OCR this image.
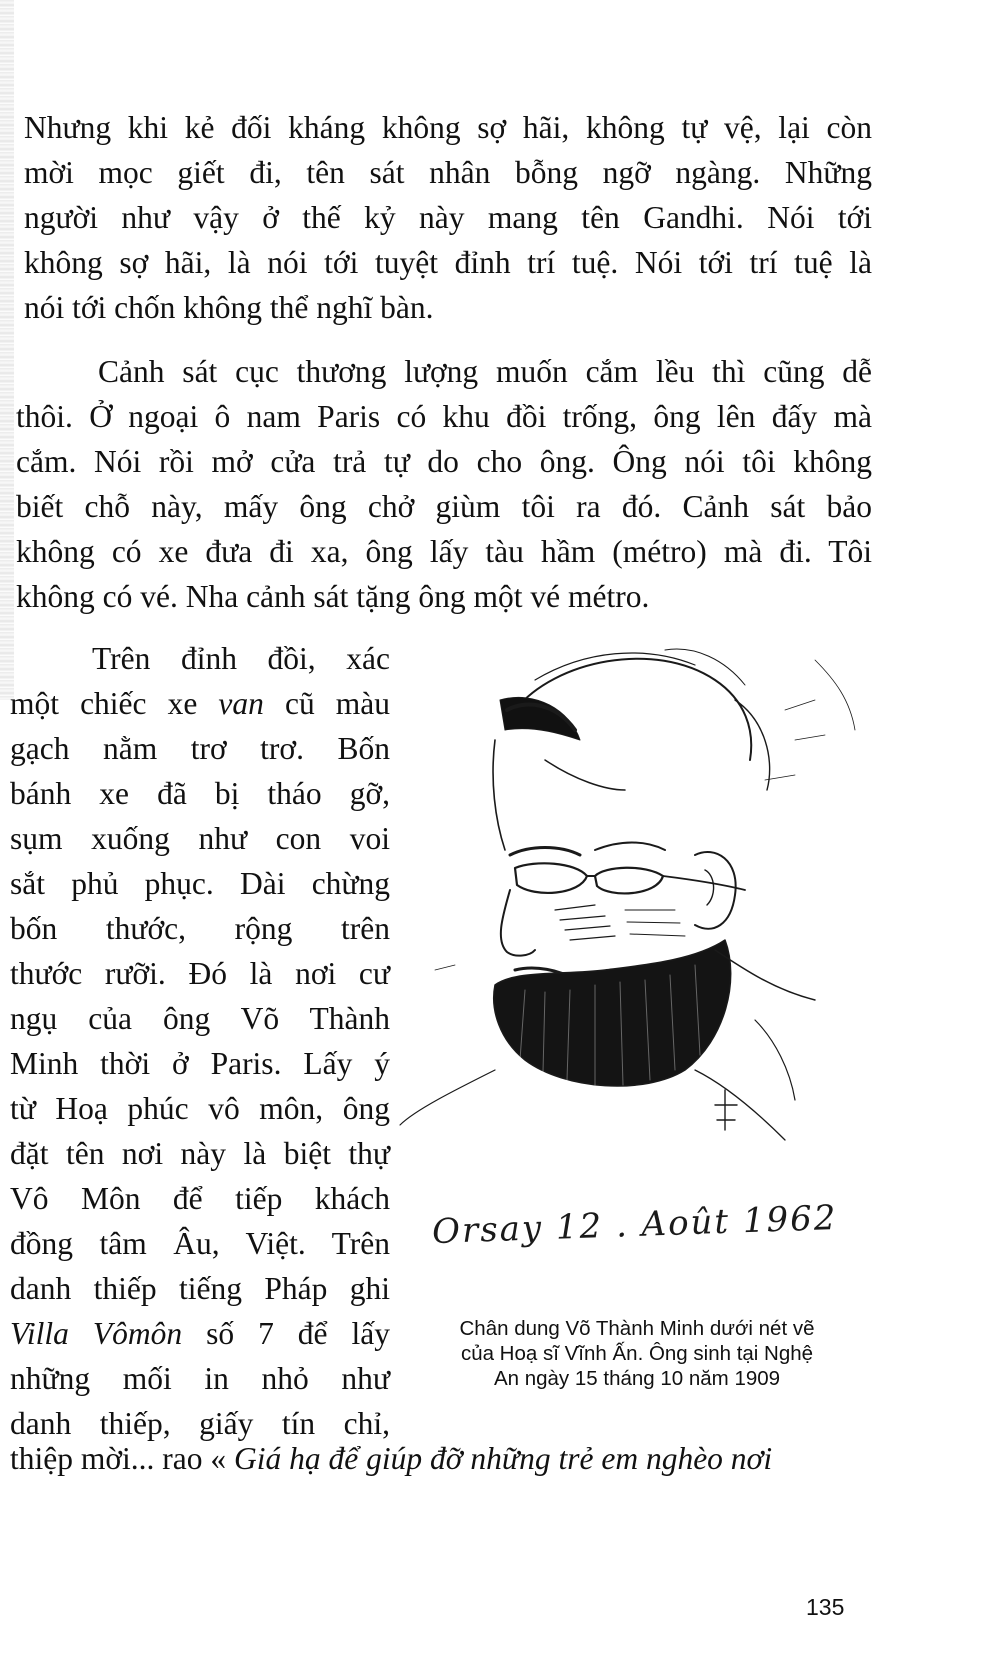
Nhưng khi kẻ đối kháng không sợ hãi, không tự vệ, lại còn
mời mọc giết đi, tên sát nhân bỗng ngỡ ngàng. Những
người như vậy ở thế kỷ này mang tên Gandhi. Nói tới
không sợ hãi, là nói tới tuyệt đỉnh trí tuệ. Nói tới trí tuệ là
nói tới chốn không thể nghĩ bàn.
Cảnh sát cục thương lượng muốn cắm lều thì cũng dễ
thôi. Ở ngoại ô nam Paris có khu đồi trống, ông lên đấy mà
cắm. Nói rồi mở cửa trả tự do cho ông. Ông nói tôi không
biết chỗ này, mấy ông chở giùm tôi ra đó. Cảnh sát bảo
không có xe đưa đi xa, ông lấy tàu hầm (métro) mà đi. Tôi
không có vé. Nha cảnh sát tặng ông một vé métro.
Trên đỉnh đồi, xác
một chiếc xe van cũ màu
gạch nằm trơ trơ. Bốn
bánh xe đã bị tháo gỡ,
sụm xuống như con voi
sắt phủ phục. Dài chừng
bốn thước, rộng trên
thước rưỡi. Đó là nơi cư
ngụ của ông Võ Thành
Minh thời ở Paris. Lấy ý
từ Hoạ phúc vô môn, ông
đặt tên nơi này là biệt thự
Vô Môn để tiếp khách
đồng tâm Âu, Việt. Trên
danh thiếp tiếng Pháp ghi
Villa Vômôn số 7 để lấy
những mối in nhỏ như
danh thiếp, giấy tín chỉ,
thiệp mời... rao « Giá hạ để giúp đỡ những trẻ em nghèo nơi
Orsay 12 . Août 1962
Chân dung Võ Thành Minh dưới nét vẽ
của Hoạ sĩ Vĩnh Ấn. Ông sinh tại Nghệ
An ngày 15 tháng 10 năm 1909
135
